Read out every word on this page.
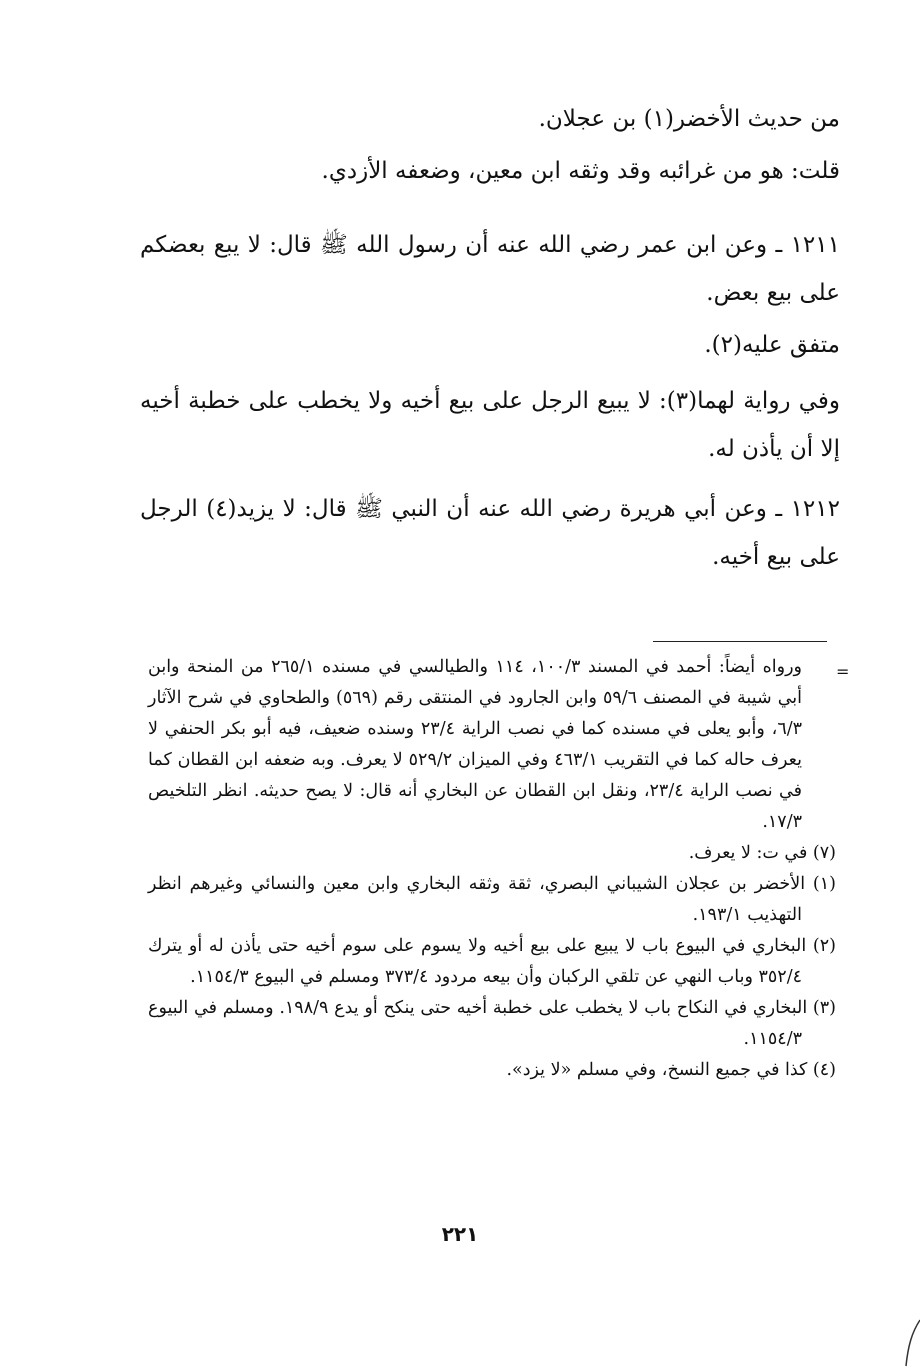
من حديث الأخضر(١) بن عجلان.

قلت: هو من غرائبه وقد وثقه ابن معين، وضعفه الأزدي.

١٢١١ ـ وعن ابن عمر رضي الله عنه أن رسول الله ﷺ قال: لا يبع بعضكم على بيع بعض.

متفق عليه(٢).

وفي رواية لهما(٣): لا يبيع الرجل على بيع أخيه ولا يخطب على خطبة أخيه إلا أن يأذن له.

١٢١٢ ـ وعن أبي هريرة رضي الله عنه أن النبي ﷺ قال: لا يزيد(٤) الرجل على بيع أخيه.

=

ورواه أيضاً: أحمد في المسند ١٠٠/٣، ١١٤ والطيالسي في مسنده ٢٦٥/١ من المنحة وابن أبي شيبة في المصنف ٥٩/٦ وابن الجارود في المنتقى رقم (٥٦٩) والطحاوي في شرح الآثار ٦/٣، وأبو يعلى في مسنده كما في نصب الراية ٢٣/٤ وسنده ضعيف، فيه أبو بكر الحنفي لا يعرف حاله كما في التقريب ٤٦٣/١ وفي الميزان ٥٢٩/٢ لا يعرف. وبه ضعفه ابن القطان كما في نصب الراية ٢٣/٤، ونقل ابن القطان عن البخاري أنه قال: لا يصح حديثه. انظر التلخيص ١٧/٣.

(٧) في ت: لا يعرف.

(١) الأخضر بن عجلان الشيباني البصري، ثقة وثقه البخاري وابن معين والنسائي وغيرهم انظر التهذيب ١٩٣/١.

(٢) البخاري في البيوع باب لا يبيع على بيع أخيه ولا يسوم على سوم أخيه حتى يأذن له أو يترك ٣٥٢/٤ وباب النهي عن تلقي الركبان وأن بيعه مردود ٣٧٣/٤ ومسلم في البيوع ١١٥٤/٣.

(٣) البخاري في النكاح باب لا يخطب على خطبة أخيه حتى ينكح أو يدع ١٩٨/٩. ومسلم في البيوع ١١٥٤/٣.

(٤) كذا في جميع النسخ، وفي مسلم «لا يزد».

٢٢١
